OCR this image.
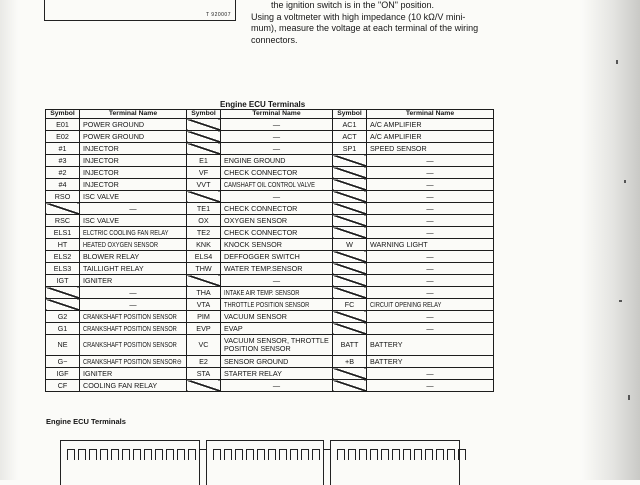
T 920007

the ignition switch is in the "ON" position.

Using a voltmeter with high impedance (10 kΩ/V mini-

mum), measure the voltage at each terminal of the wiring

connectors.

Engine ECU Terminals
Symbol	Terminal Name	Symbol	Terminal Name	Symbol	Terminal Name
E01	POWER GROUND		—	AC1	A/C AMPLIFIER
E02	POWER GROUND		—	ACT	A/C AMPLIFIER
#1	INJECTOR		—	SP1	SPEED SENSOR
#3	INJECTOR	E1	ENGINE GROUND		—
#2	INJECTOR	VF	CHECK CONNECTOR		—
#4	INJECTOR	VVT	CAMSHAFT OIL CONTROL VALVE		—
RSO	ISC VALVE		—		—
	—	TE1	CHECK CONNECTOR		—
RSC	ISC VALVE	OX	OXYGEN SENSOR		—
ELS1	ELCTRIC COOLING FAN RELAY	TE2	CHECK CONNECTOR		—
HT	HEATED OXYGEN SENSOR	KNK	KNOCK SENSOR	W	WARNING LIGHT
ELS2	BLOWER RELAY	ELS4	DEFFOGGER SWITCH		—
ELS3	TAILLIGHT RELAY	THW	WATER TEMP.SENSOR		—
IGT	IGNITER		—		—
	—	THA	INTAKE AIR TEMP. SENSOR		—
	—	VTA	THROTTLE POSITION SENSOR	FC	CIRCUIT OPENING RELAY
G2	CRANKSHAFT POSITION SENSOR	PIM	VACUUM SENSOR		—
G1	CRANKSHAFT POSITION SENSOR	EVP	EVAP		—
NE	CRANKSHAFT POSITION SENSOR	VC	VACUUM SENSOR, THROTTLE POSITION SENSOR	BATT	BATTERY
G−	CRANKSHAFT POSITION SENSOR⊖	E2	SENSOR GROUND	+B	BATTERY
IGF	IGNITER	STA	STARTER RELAY		—
CF	COOLING FAN RELAY		—		—
Engine ECU Terminals
